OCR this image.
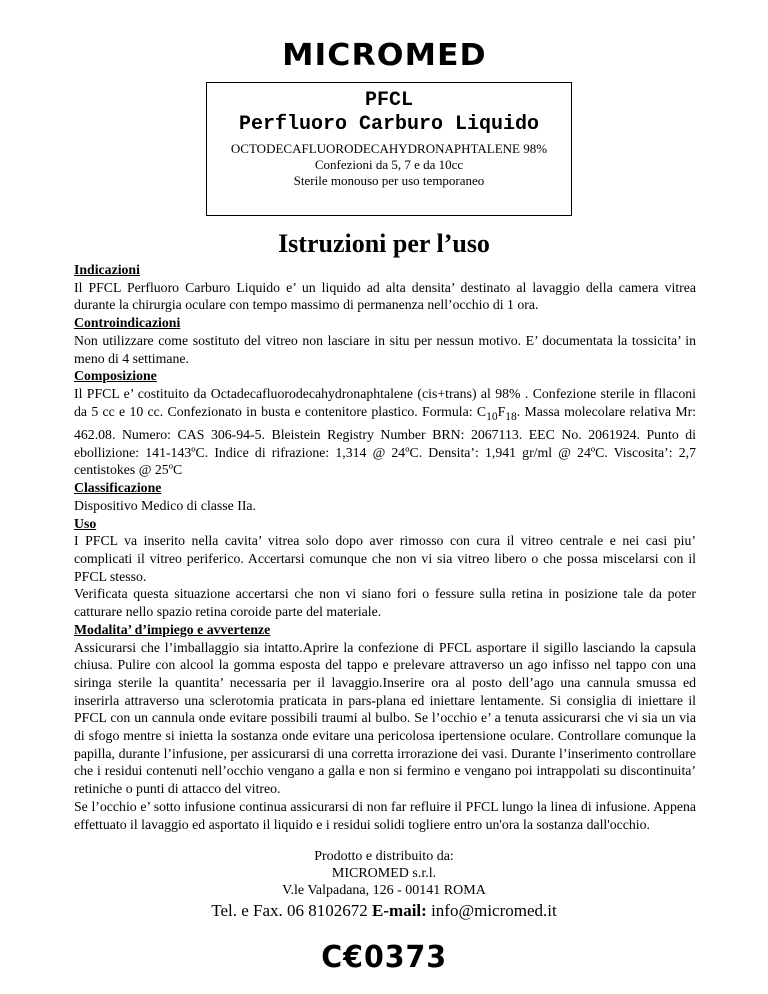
MICROMED
PFCL
Perfluoro Carburo Liquido
OCTODECAFLUORODECAHYDRONAPHTALENE 98%
Confezioni da 5, 7 e da 10cc
Sterile monouso per uso temporaneo
Istruzioni per l’uso

Indicazioni

Il PFCL Perfluoro Carburo Liquido e’ un liquido ad alta densita’ destinato al lavaggio della camera vitrea durante la chirurgia oculare con tempo massimo di permanenza nell’occhio di 1 ora.

Controindicazioni

Non utilizzare come sostituto del vitreo non lasciare in situ per nessun motivo. E’ documentata la tossicita’ in meno di 4 settimane.

Composizione

Il PFCL e’ costituito da Octadecafluorodecahydronaphtalene (cis+trans) al 98% . Confezione sterile in fllaconi da 5 cc e 10 cc. Confezionato in busta e contenitore plastico. Formula: $C_{10}F_{18}$. Massa molecolare relativa Mr: 462.08. Numero: CAS 306-94-5. Bleistein Registry Number BRN: 2067113. EEC No. 2061924. Punto di ebollizione: 141-143ºC. Indice di rifrazione: 1,314 @ 24ºC. Densita’: 1,941 gr/ml @ 24ºC. Viscosita’: 2,7 centistokes @ 25ºC

Classificazione

Dispositivo Medico di classe IIa.

Uso

I PFCL va inserito nella cavita’ vitrea solo dopo aver rimosso con cura il vitreo centrale e nei casi piu’ complicati il vitreo periferico. Accertarsi comunque che non vi sia vitreo libero o che possa miscelarsi con il PFCL stesso.

Verificata questa situazione accertarsi che non vi siano fori o fessure sulla retina in posizione tale da poter catturare nello spazio retina coroide parte del materiale.

Modalita’ d’impiego e avvertenze

Assicurarsi che l’imballaggio sia intatto.Aprire la confezione di PFCL asportare il sigillo lasciando la capsula chiusa. Pulire con alcool la gomma esposta del tappo e prelevare attraverso un ago infisso nel tappo con una siringa sterile la quantita’ necessaria per il lavaggio.Inserire ora al posto dell’ago una cannula smussa ed inserirla attraverso una sclerotomia praticata in pars-plana ed iniettare lentamente. Si consiglia di iniettare il PFCL con un cannula onde evitare possibili traumi al bulbo. Se l’occhio e’ a tenuta assicurarsi che vi sia un via di sfogo mentre si inietta la sostanza onde evitare una pericolosa ipertensione oculare. Controllare comunque la papilla, durante l’infusione, per assicurarsi di una corretta irrorazione dei vasi. Durante l’inserimento controllare che i residui contenuti nell’occhio vengano a galla e non si fermino e vengano poi intrappolati su discontinuita’ retiniche o punti di attacco del vitreo.

Se l’occhio e’ sotto infusione continua assicurarsi di non far refluire il PFCL lungo la linea di infusione. Appena effettuato il lavaggio ed asportato il liquido e i residui solidi togliere entro un'ora la sostanza dall'occhio.

Prodotto e distribuito da:
MICROMED s.r.l.
V.le Valpadana, 126 - 00141 ROMA
Tel. e Fax. 06 8102672 E-mail: info@micromed.it
C€0373
